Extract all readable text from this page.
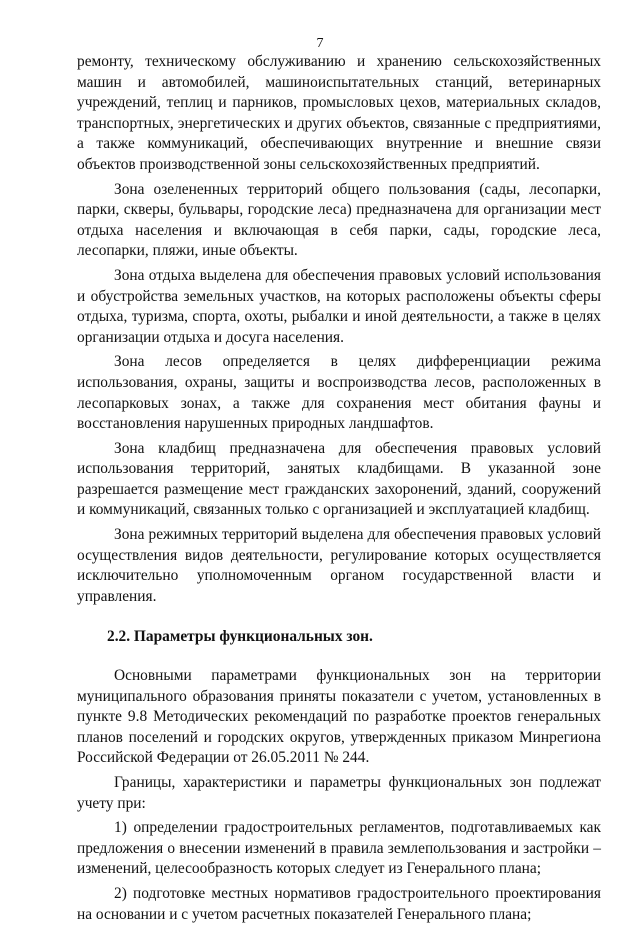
7

ремонту, техническому обслуживанию и хранению сельскохозяйственных машин и автомобилей, машиноиспытательных станций, ветеринарных учреждений, теплиц и парников, промысловых цехов, материальных складов, транспортных, энергетических и других объектов, связанные с предприятиями, а также коммуникаций, обеспечивающих внутренние и внешние связи объектов производственной зоны сельскохозяйственных предприятий.

Зона озелененных территорий общего пользования (сады, лесопарки, парки, скверы, бульвары, городские леса) предназначена для организации мест отдыха населения и включающая в себя парки, сады, городские леса, лесопарки, пляжи, иные объекты.

Зона отдыха выделена для обеспечения правовых условий использования и обустройства земельных участков, на которых расположены объекты сферы отдыха, туризма, спорта, охоты, рыбалки и иной деятельности, а также в целях организации отдыха и досуга населения.

Зона лесов определяется в целях дифференциации режима использования, охраны, защиты и воспроизводства лесов, расположенных в лесопарковых зонах, а также для сохранения мест обитания фауны и восстановления нарушенных природных ландшафтов.

Зона кладбищ предназначена для обеспечения правовых условий использования территорий, занятых кладбищами. В указанной зоне разрешается размещение мест гражданских захоронений, зданий, сооружений и коммуникаций, связанных только с организацией и эксплуатацией кладбищ.

Зона режимных территорий выделена для обеспечения правовых условий осуществления видов деятельности, регулирование которых осуществляется исключительно уполномоченным органом государственной власти и управления.

2.2. Параметры функциональных зон.

Основными параметрами функциональных зон на территории муниципального образования приняты показатели с учетом, установленных в пункте 9.8 Методических рекомендаций по разработке проектов генеральных планов поселений и городских округов, утвержденных приказом Минрегиона Российской Федерации от 26.05.2011 № 244.

Границы, характеристики и параметры функциональных зон подлежат учету при:

1) определении градостроительных регламентов, подготавливаемых как предложения о внесении изменений в правила землепользования и застройки – изменений, целесообразность которых следует из Генерального плана;

2) подготовке местных нормативов градостроительного проектирования на основании и с учетом расчетных показателей Генерального плана;
